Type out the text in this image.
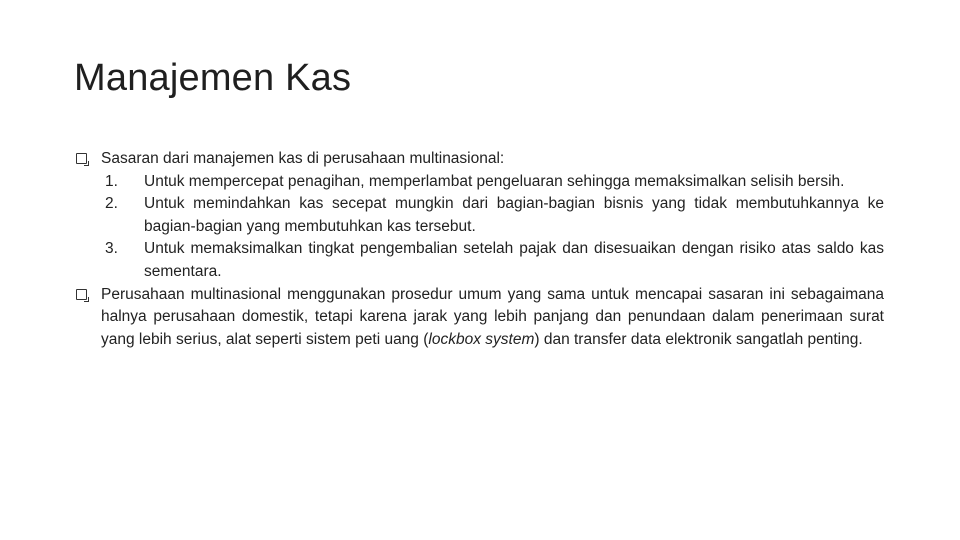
Manajemen Kas
Sasaran dari manajemen kas di perusahaan multinasional:
1. Untuk mempercepat penagihan, memperlambat pengeluaran sehingga memaksimalkan selisih bersih.
2. Untuk memindahkan kas secepat mungkin dari bagian-bagian bisnis yang tidak membutuhkannya ke bagian-bagian yang membutuhkan kas tersebut.
3. Untuk memaksimalkan tingkat pengembalian setelah pajak dan disesuaikan dengan risiko atas saldo kas sementara.
Perusahaan multinasional menggunakan prosedur umum yang sama untuk mencapai sasaran ini sebagaimana halnya perusahaan domestik, tetapi karena jarak yang lebih panjang dan penundaan dalam penerimaan surat yang lebih serius, alat seperti sistem peti uang (lockbox system) dan transfer data elektronik sangatlah penting.
